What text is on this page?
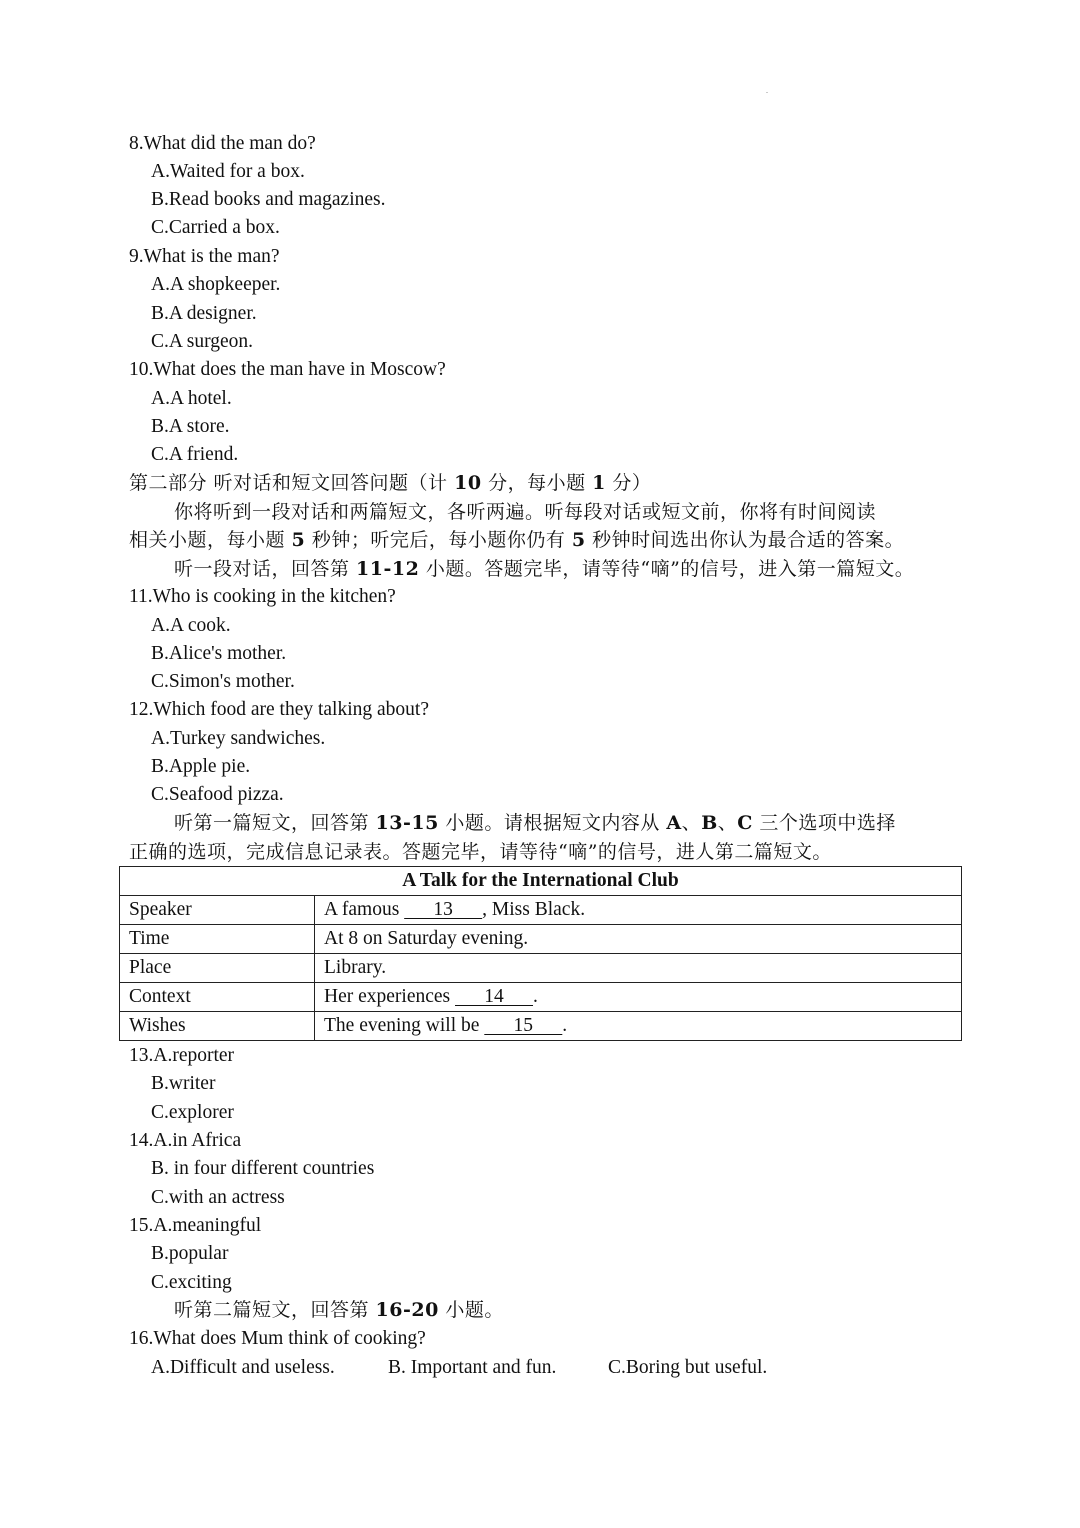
.
8.What did the man do?
A.Waited for a box.
B.Read books and magazines.
C.Carried a box.
9.What is the man?
A.A shopkeeper.
B.A designer.
C.A surgeon.
10.What does the man have in Moscow?
A.A hotel.
B.A store.
C.A friend.
第二部分 听对话和短文回答问题（计 10 分，每小题 1 分）
你将听到一段对话和两篇短文，各听两遍。听每段对话或短文前，你将有时间阅读
相关小题，每小题 5 秒钟；听完后，每小题你仍有 5 秒钟时间选出你认为最合适的答案。
听一段对话，回答第 11-12 小题。答题完毕，请等待“嘀”的信号，进入第一篇短文。
11.Who is cooking in the kitchen?
A.A cook.
B.Alice's mother.
C.Simon's mother.
12.Which food are they talking about?
A.Turkey sandwiches.
B.Apple pie.
C.Seafood pizza.
听第一篇短文，回答第 13-15 小题。请根据短文内容从 A、B、C 三个选项中选择
正确的选项，完成信息记录表。答题完毕，请等待“嘀”的信号，进人第二篇短文。
A Talk for the International Club	
Speaker	A famous       13      , Miss Black.
Time	At 8 on Saturday evening.
Place	Library.
Context	Her experiences       14      .
Wishes	The evening will be       15      .
13.A.reporter
B.writer
C.explorer
14.A.in Africa
B. in four different countries
C.with an actress
15.A.meaningful
B.popular
C.exciting
听第二篇短文，回答第 16-20 小题。
16.What does Mum think of cooking?
A.Difficult and useless.	B. Important and fun.	C.Boring but useful.
